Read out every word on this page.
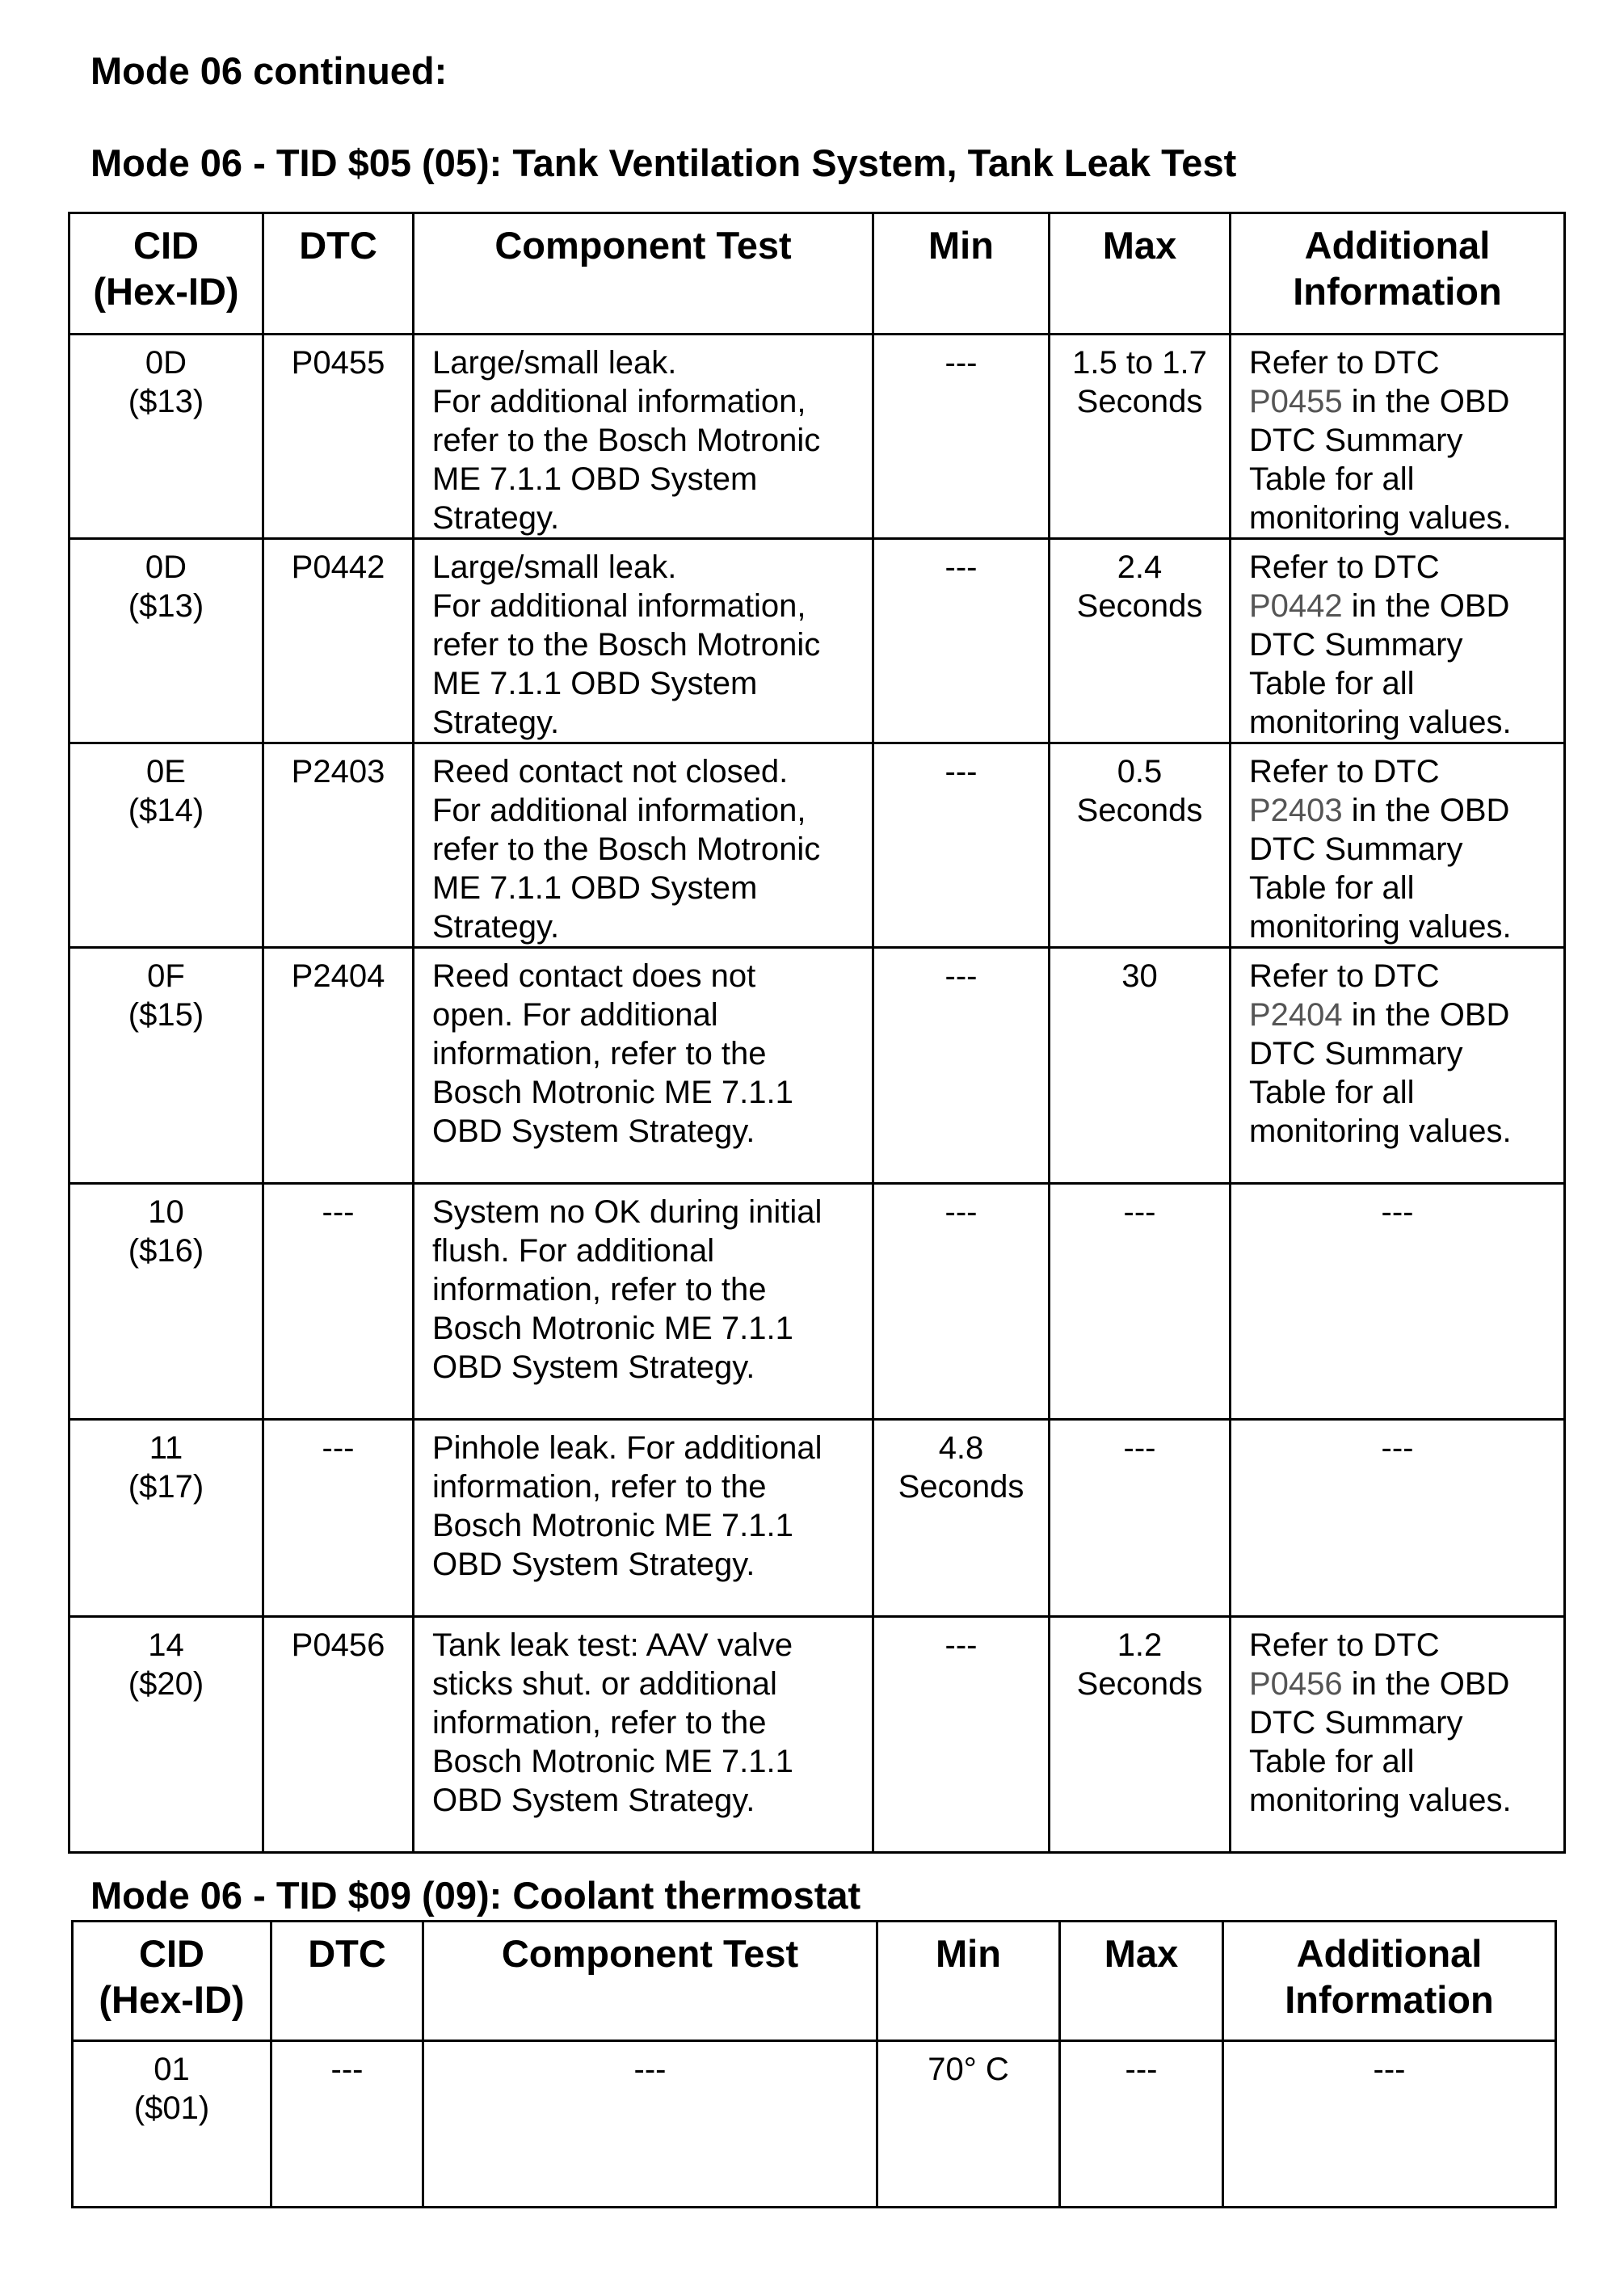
Mode 06 continued:
Mode 06 - TID $05 (05): Tank Ventilation System, Tank Leak Test
CID
(Hex-ID)	DTC	Component Test	Min	Max	Additional
Information

0D
($13)	P0455	Large/small leak.
For additional information,
refer to the Bosch Motronic
ME 7.1.1 OBD System
Strategy.	---	1.5 to 1.7
Seconds	Refer to DTC
P0455 in the OBD
DTC Summary
Table for all
monitoring values.

0D
($13)	P0442	Large/small leak.
For additional information,
refer to the Bosch Motronic
ME 7.1.1 OBD System
Strategy.	---	2.4
Seconds	Refer to DTC
P0442 in the OBD
DTC Summary
Table for all
monitoring values.

0E
($14)	P2403	Reed contact not closed.
For additional information,
refer to the Bosch Motronic
ME 7.1.1 OBD System
Strategy.	---	0.5
Seconds	Refer to DTC
P2403 in the OBD
DTC Summary
Table for all
monitoring values.

0F
($15)	P2404	Reed contact does not
open. For additional
information, refer to the
Bosch Motronic ME 7.1.1
OBD System Strategy.	---	30	Refer to DTC
P2404 in the OBD
DTC Summary
Table for all
monitoring values.

10
($16)	---	System no OK during initial
flush. For additional
information, refer to the
Bosch Motronic ME 7.1.1
OBD System Strategy.	---	---	---

11
($17)	---	Pinhole leak. For additional
information, refer to the
Bosch Motronic ME 7.1.1
OBD System Strategy.	4.8
Seconds	---	---

14
($20)	P0456	Tank leak test: AAV valve
sticks shut. or additional
information, refer to the
Bosch Motronic ME 7.1.1
OBD System Strategy.	---	1.2
Seconds	Refer to DTC
P0456 in the OBD
DTC Summary
Table for all
monitoring values.
Mode 06 - TID $09 (09): Coolant thermostat
CID
(Hex-ID)	DTC	Component Test	Min	Max	Additional
Information

01
($01)	---	---	70° C	---	---
